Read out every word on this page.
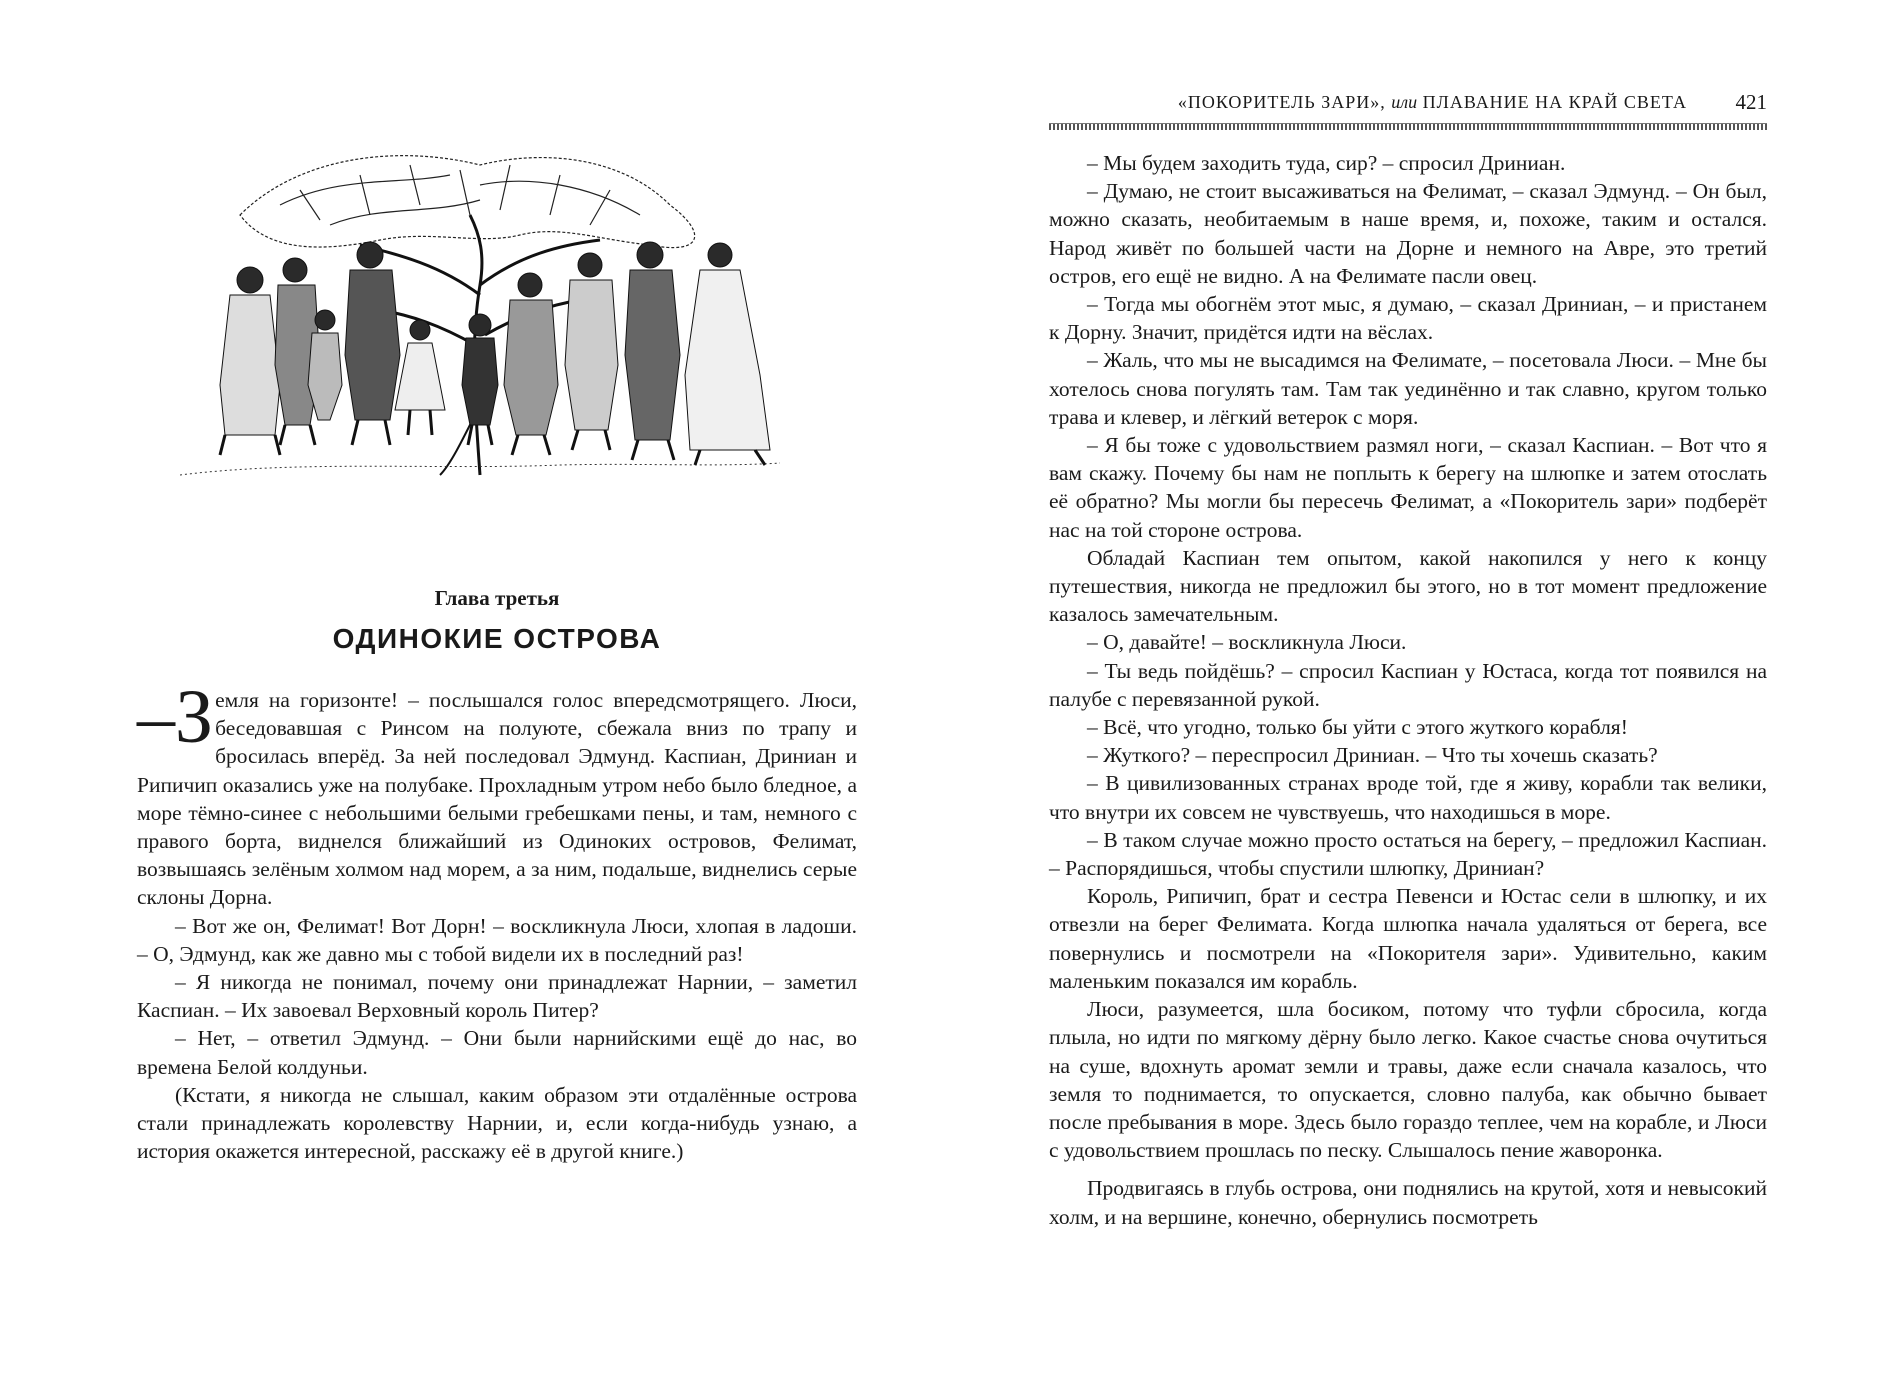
Глава третья
ОДИНОКИЕ ОСТРОВА

–З емля на горизонте! – послышался голос впередсмотрящего. Люси, беседовавшая с Ринсом на полуюте, сбежала вниз по трапу и бросилась вперёд. За ней последовал Эдмунд. Каспиан, Дриниан и Рипичип оказались уже на полубаке. Прохладным утром небо было бледное, а море тёмно-синее с небольшими белыми гребешками пены, и там, немного с правого борта, виднелся ближайший из Одиноких островов, Фелимат, возвышаясь зелёным холмом над морем, а за ним, подальше, виднелись серые склоны Дорна.

– Вот же он, Фелимат! Вот Дорн! – воскликнула Люси, хлопая в ладоши. – О, Эдмунд, как же давно мы с тобой видели их в последний раз!

– Я никогда не понимал, почему они принадлежат Нарнии, – заметил Каспиан. – Их завоевал Верховный король Питер?

– Нет, – ответил Эдмунд. – Они были нарнийскими ещё до нас, во времена Белой колдуньи.

(Кстати, я никогда не слышал, каким образом эти отдалённые острова стали принадлежать королевству Нарнии, и, если когда-нибудь узнаю, а история окажется интересной, расскажу её в другой книге.)

«ПОКОРИТЕЛЬ ЗАРИ», или ПЛАВАНИЕ НА КРАЙ СВЕТА 421

– Мы будем заходить туда, сир? – спросил Дриниан.

– Думаю, не стоит высаживаться на Фелимат, – сказал Эдмунд. – Он был, можно сказать, необитаемым в наше время, и, похоже, таким и остался. Народ живёт по большей части на Дорне и немного на Авре, это третий остров, его ещё не видно. А на Фелимате пасли овец.

– Тогда мы обогнём этот мыс, я думаю, – сказал Дриниан, – и пристанем к Дорну. Значит, придётся идти на вёслах.

– Жаль, что мы не высадимся на Фелимате, – посетовала Люси. – Мне бы хотелось снова погулять там. Там так уединённо и так славно, кругом только трава и клевер, и лёгкий ветерок с моря.

– Я бы тоже с удовольствием размял ноги, – сказал Каспиан. – Вот что я вам скажу. Почему бы нам не поплыть к берегу на шлюпке и затем отослать её обратно? Мы могли бы пересечь Фелимат, а «Покоритель зари» подберёт нас на той стороне острова.

Обладай Каспиан тем опытом, какой накопился у него к концу путешествия, никогда не предложил бы этого, но в тот момент предложение казалось замечательным.

– О, давайте! – воскликнула Люси.

– Ты ведь пойдёшь? – спросил Каспиан у Юстаса, когда тот появился на палубе с перевязанной рукой.

– Всё, что угодно, только бы уйти с этого жуткого корабля!

– Жуткого? – переспросил Дриниан. – Что ты хочешь сказать?

– В цивилизованных странах вроде той, где я живу, корабли так велики, что внутри их совсем не чувствуешь, что находишься в море.

– В таком случае можно просто остаться на берегу, – предложил Каспиан. – Распорядишься, чтобы спустили шлюпку, Дриниан?

Король, Рипичип, брат и сестра Певенси и Юстас сели в шлюпку, и их отвезли на берег Фелимата. Когда шлюпка начала удаляться от берега, все повернулись и посмотрели на «Покорителя зари». Удивительно, каким маленьким показался им корабль.

Люси, разумеется, шла босиком, потому что туфли сбросила, когда плыла, но идти по мягкому дёрну было легко. Какое счастье снова очутиться на суше, вдохнуть аромат земли и травы, даже если сначала казалось, что земля то поднимается, то опускается, словно палуба, как обычно бывает после пребывания в море. Здесь было гораздо теплее, чем на корабле, и Люси с удовольствием прошлась по песку. Слышалось пение жаворонка.

Продвигаясь в глубь острова, они поднялись на крутой, хотя и невысокий холм, и на вершине, конечно, обернулись посмотреть
